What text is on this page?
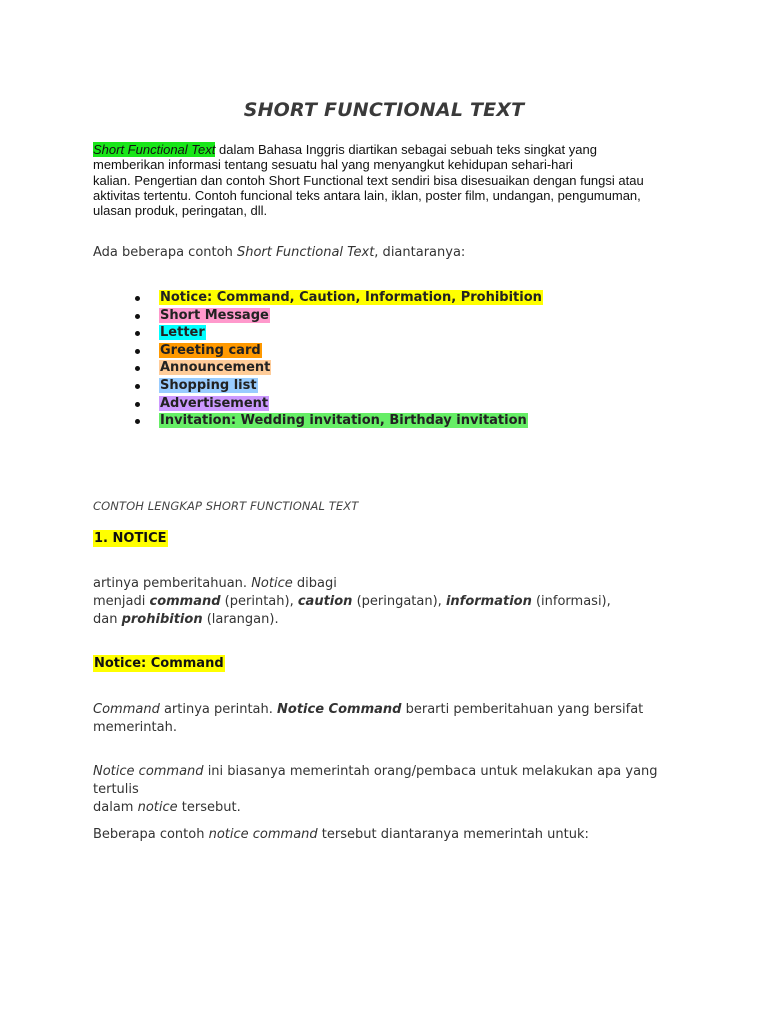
SHORT FUNCTIONAL TEXT

Short Functional Text dalam Bahasa Inggris diartikan sebagai sebuah teks singkat yang
memberikan informasi tentang sesuatu hal yang menyangkut kehidupan sehari-hari
kalian. Pengertian dan contoh Short Functional text sendiri bisa disesuaikan dengan fungsi atau
aktivitas tertentu. Contoh funcional teks antara lain, iklan, poster film, undangan, pengumuman,
ulasan produk, peringatan, dll.

Ada beberapa contoh Short Functional Text, diantaranya:

Notice: Command, Caution, Information, Prohibition
Short Message
Letter
Greeting card
Announcement
Shopping list
Advertisement
Invitation: Wedding invitation, Birthday invitation

CONTOH LENGKAP SHORT FUNCTIONAL TEXT

1. NOTICE

artinya pemberitahuan. Notice dibagi
menjadi command (perintah), caution (peringatan), information (informasi),
dan prohibition (larangan).

Notice: Command

Command artinya perintah. Notice Command berarti pemberitahuan yang bersifat
memerintah.

Notice command ini biasanya memerintah orang/pembaca untuk melakukan apa yang tertulis
dalam notice tersebut.

Beberapa contoh notice command tersebut diantaranya memerintah untuk:
